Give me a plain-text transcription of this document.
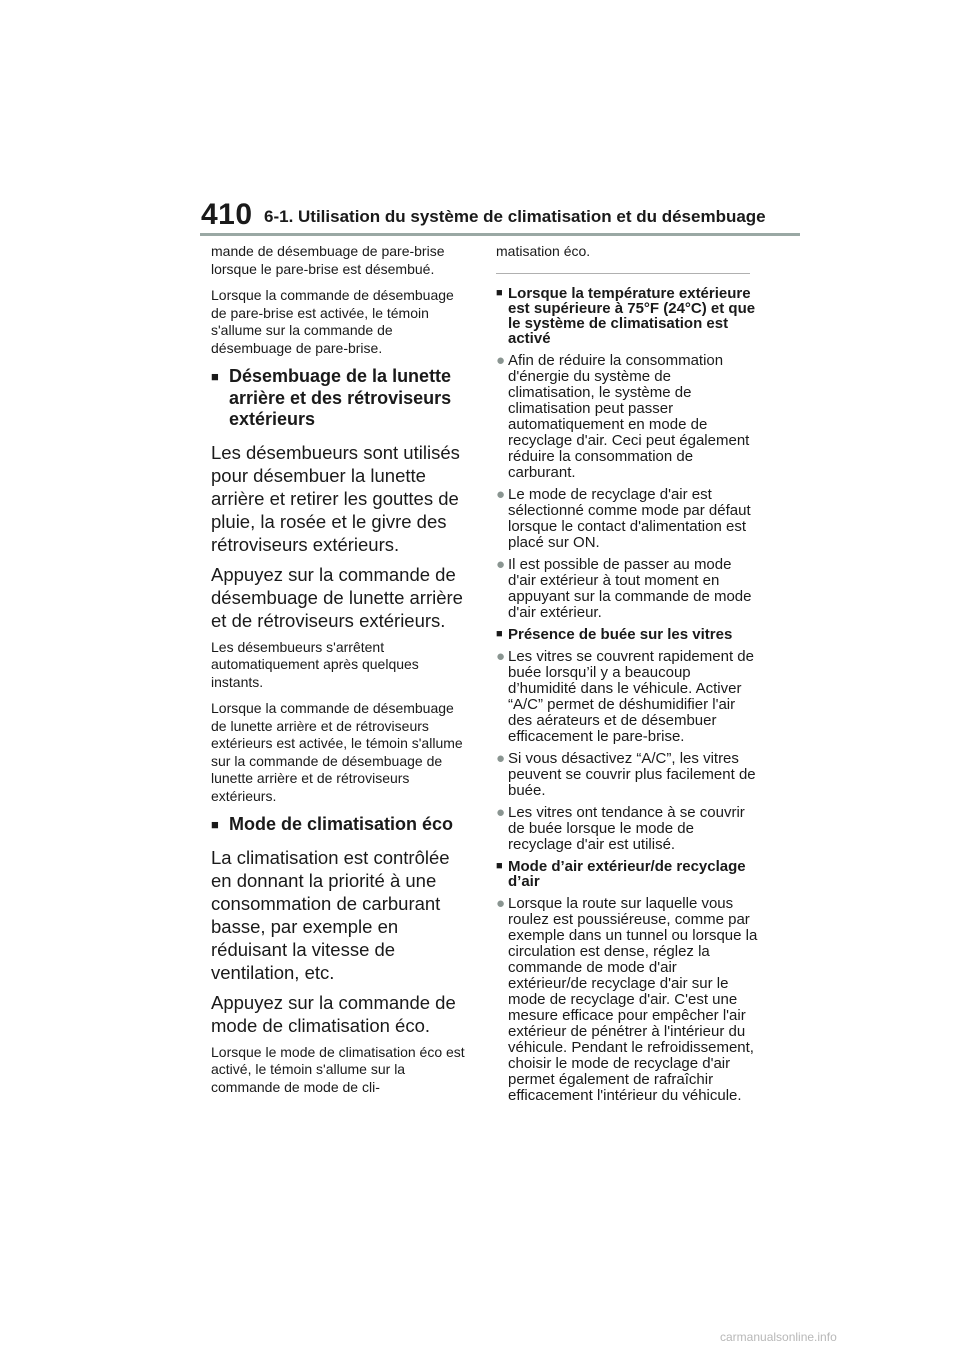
410 6-1. Utilisation du système de climatisation et du désembuage

mande de désembuage de pare-brise lorsque le pare-brise est désembué.

Lorsque la commande de désembuage de pare-brise est activée, le témoin s'allume sur la commande de désembuage de pare-brise.

■ Désembuage de la lunette arrière et des rétroviseurs extérieurs

Les désembueurs sont utilisés pour désembuer la lunette arrière et retirer les gouttes de pluie, la rosée et le givre des rétroviseurs extérieurs.

Appuyez sur la commande de désembuage de lunette arrière et de rétroviseurs extérieurs.

Les désembueurs s'arrêtent automatiquement après quelques instants.

Lorsque la commande de désembuage de lunette arrière et de rétroviseurs extérieurs est activée, le témoin s'allume sur la commande de désembuage de lunette arrière et de rétroviseurs extérieurs.

■ Mode de climatisation éco

La climatisation est contrôlée en donnant la priorité à une consommation de carburant basse, par exemple en réduisant la vitesse de ventilation, etc.

Appuyez sur la commande de mode de climatisation éco.

Lorsque le mode de climatisation éco est activé, le témoin s'allume sur la commande de mode de cli-

matisation éco.

■ Lorsque la température extérieure est supérieure à 75°F (24°C) et que le système de climatisation est activé
● Afin de réduire la consommation d'énergie du système de climatisation, le système de climatisation peut passer automatiquement en mode de recyclage d'air. Ceci peut également réduire la consommation de carburant.
● Le mode de recyclage d'air est sélectionné comme mode par défaut lorsque le contact d'alimentation est placé sur ON.
● Il est possible de passer au mode d'air extérieur à tout moment en appuyant sur la commande de mode d'air extérieur.
■ Présence de buée sur les vitres
● Les vitres se couvrent rapidement de buée lorsqu’il y a beaucoup d’humidité dans le véhicule. Activer “A/C” permet de déshumidifier l'air des aérateurs et de désembuer efficacement le pare-brise.
● Si vous désactivez “A/C”, les vitres peuvent se couvrir plus facilement de buée.
● Les vitres ont tendance à se couvrir de buée lorsque le mode de recyclage d'air est utilisé.
■ Mode d’air extérieur/de recyclage d’air
● Lorsque la route sur laquelle vous roulez est poussiéreuse, comme par exemple dans un tunnel ou lorsque la circulation est dense, réglez la commande de mode d'air extérieur/de recyclage d'air sur le mode de recyclage d'air. C'est une mesure efficace pour empêcher l'air extérieur de pénétrer à l'intérieur du véhicule. Pendant le refroidissement, choisir le mode de recyclage d'air permet également de rafraîchir efficacement l'intérieur du véhicule.
carmanualsonline.info
